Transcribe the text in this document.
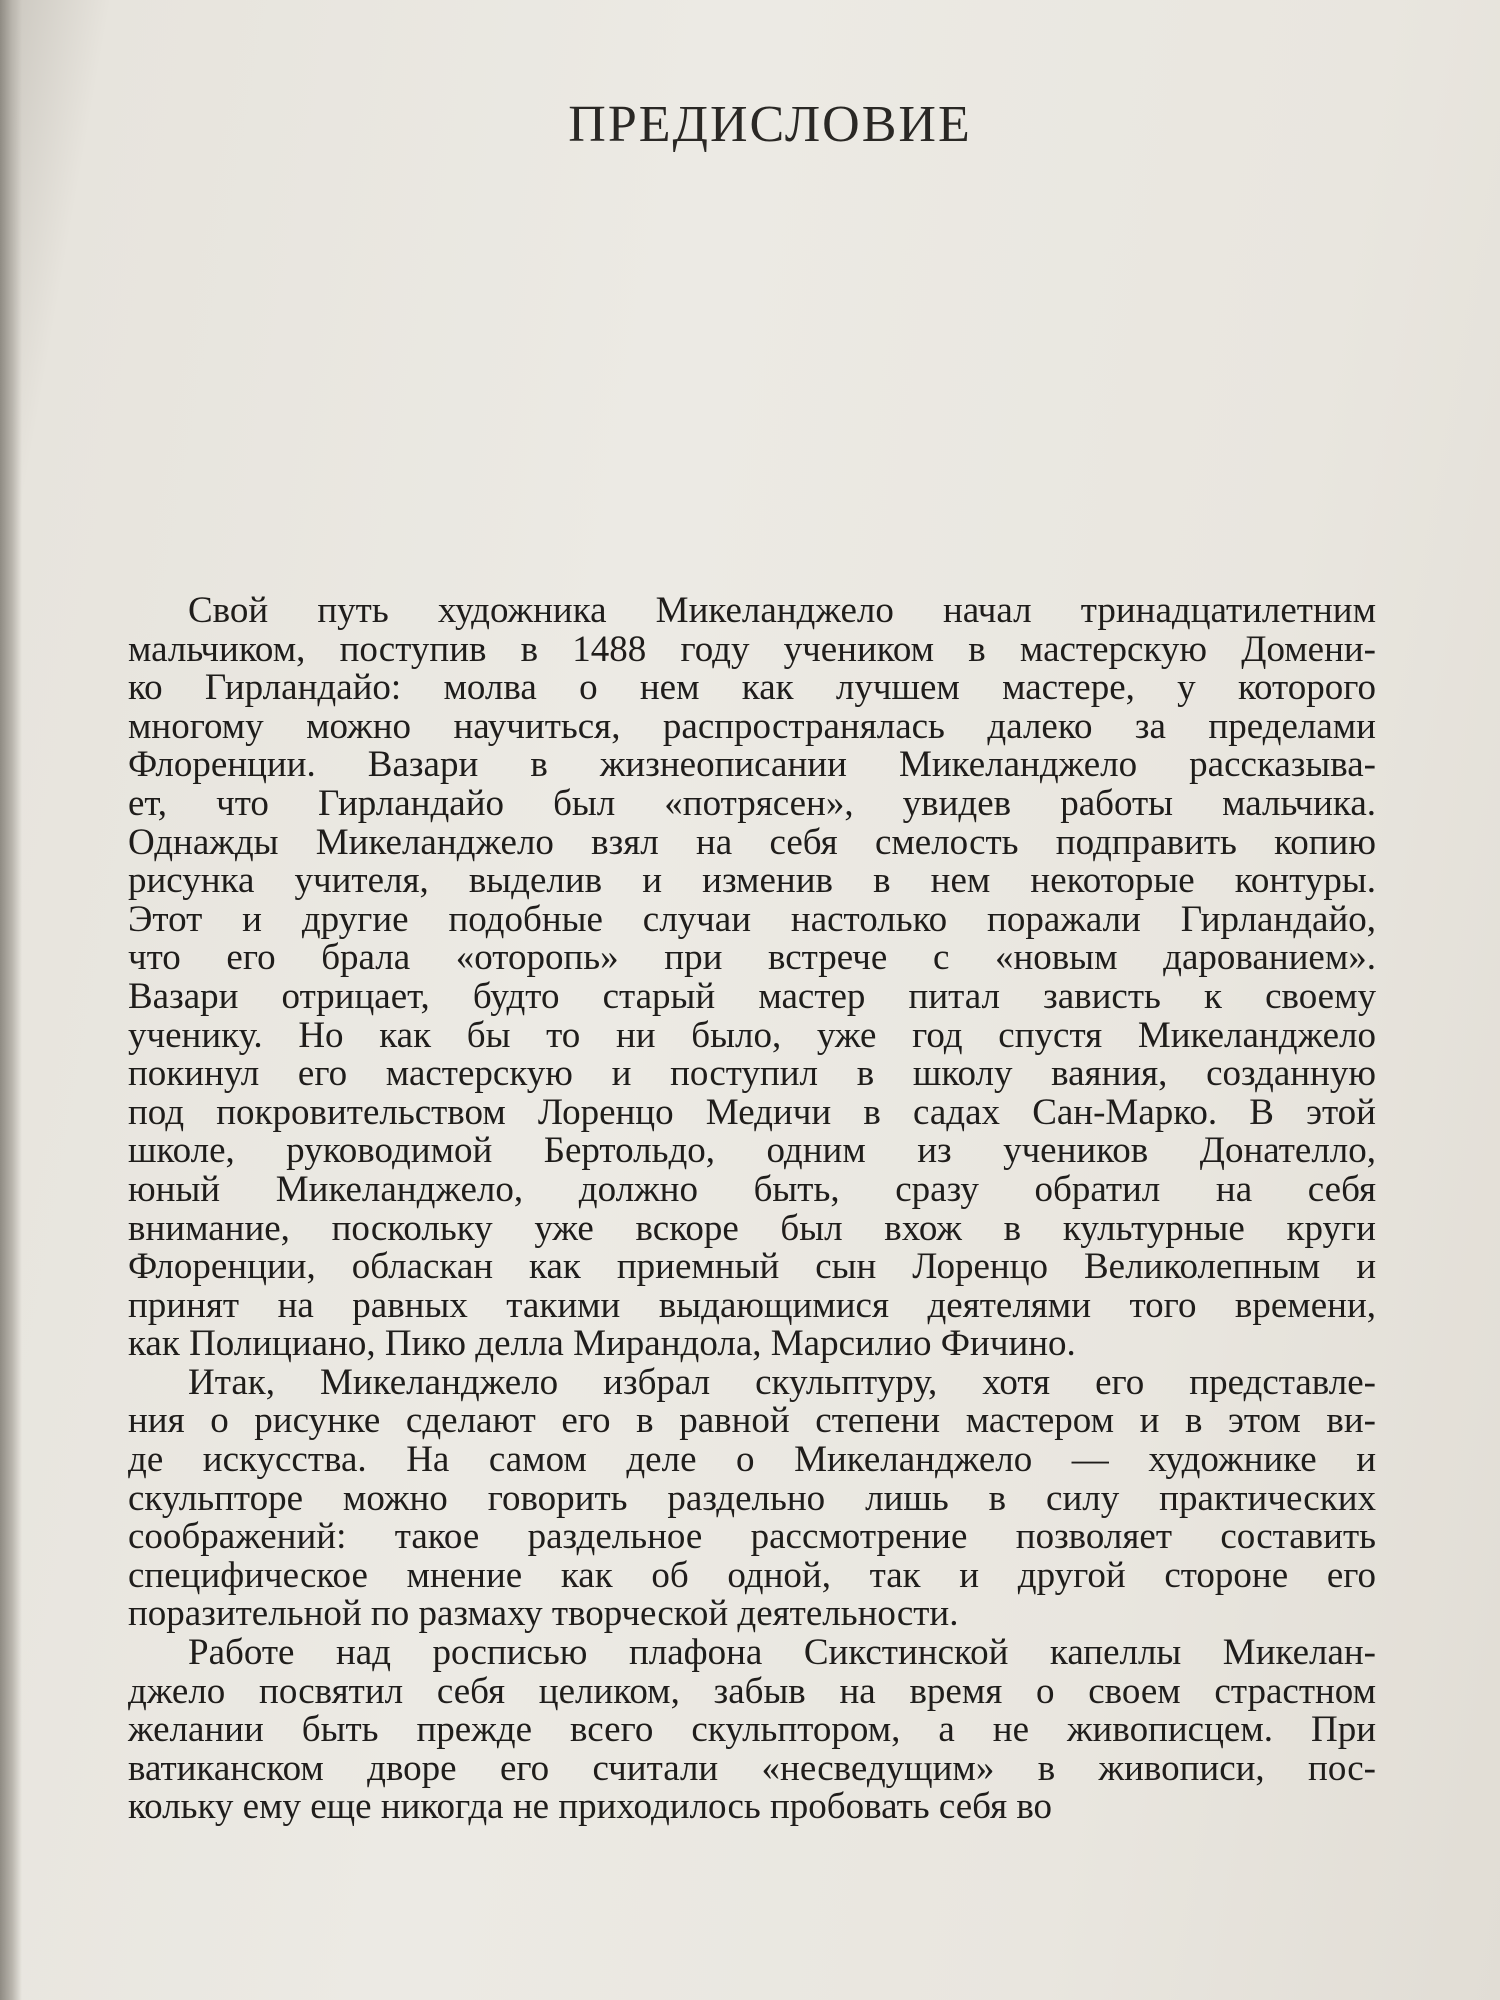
ПРЕДИСЛОВИЕ
Свой путь художника Микеланджело начал тринадцатилетним
мальчиком, поступив в 1488 году учеником в мастерскую Домени-
ко Гирландайо: молва о нем как лучшем мастере, у которого
многому можно научиться, распространялась далеко за пределами
Флоренции. Вазари в жизнеописании Микеланджело рассказыва-
ет, что Гирландайо был «потрясен», увидев работы мальчика.
Однажды Микеланджело взял на себя смелость подправить копию
рисунка учителя, выделив и изменив в нем некоторые контуры.
Этот и другие подобные случаи настолько поражали Гирландайо,
что его брала «оторопь» при встрече с «новым дарованием».
Вазари отрицает, будто старый мастер питал зависть к своему
ученику. Но как бы то ни было, уже год спустя Микеланджело
покинул его мастерскую и поступил в школу ваяния, созданную
под покровительством Лоренцо Медичи в садах Сан-Марко. В этой
школе, руководимой Бертольдо, одним из учеников Донателло,
юный Микеланджело, должно быть, сразу обратил на себя
внимание, поскольку уже вскоре был вхож в культурные круги
Флоренции, обласкан как приемный сын Лоренцо Великолепным и
принят на равных такими выдающимися деятелями того времени,
как Полициано, Пико делла Мирандола, Марсилио Фичино.
Итак, Микеланджело избрал скульптуру, хотя его представле-
ния о рисунке сделают его в равной степени мастером и в этом ви-
де искусства. На самом деле о Микеланджело — художнике и
скульпторе можно говорить раздельно лишь в силу практических
соображений: такое раздельное рассмотрение позволяет составить
специфическое мнение как об одной, так и другой стороне его
поразительной по размаху творческой деятельности.
Работе над росписью плафона Сикстинской капеллы Микелан-
джело посвятил себя целиком, забыв на время о своем страстном
желании быть прежде всего скульптором, а не живописцем. При
ватиканском дворе его считали «несведущим» в живописи, пос-
кольку ему еще никогда не приходилось пробовать себя во
